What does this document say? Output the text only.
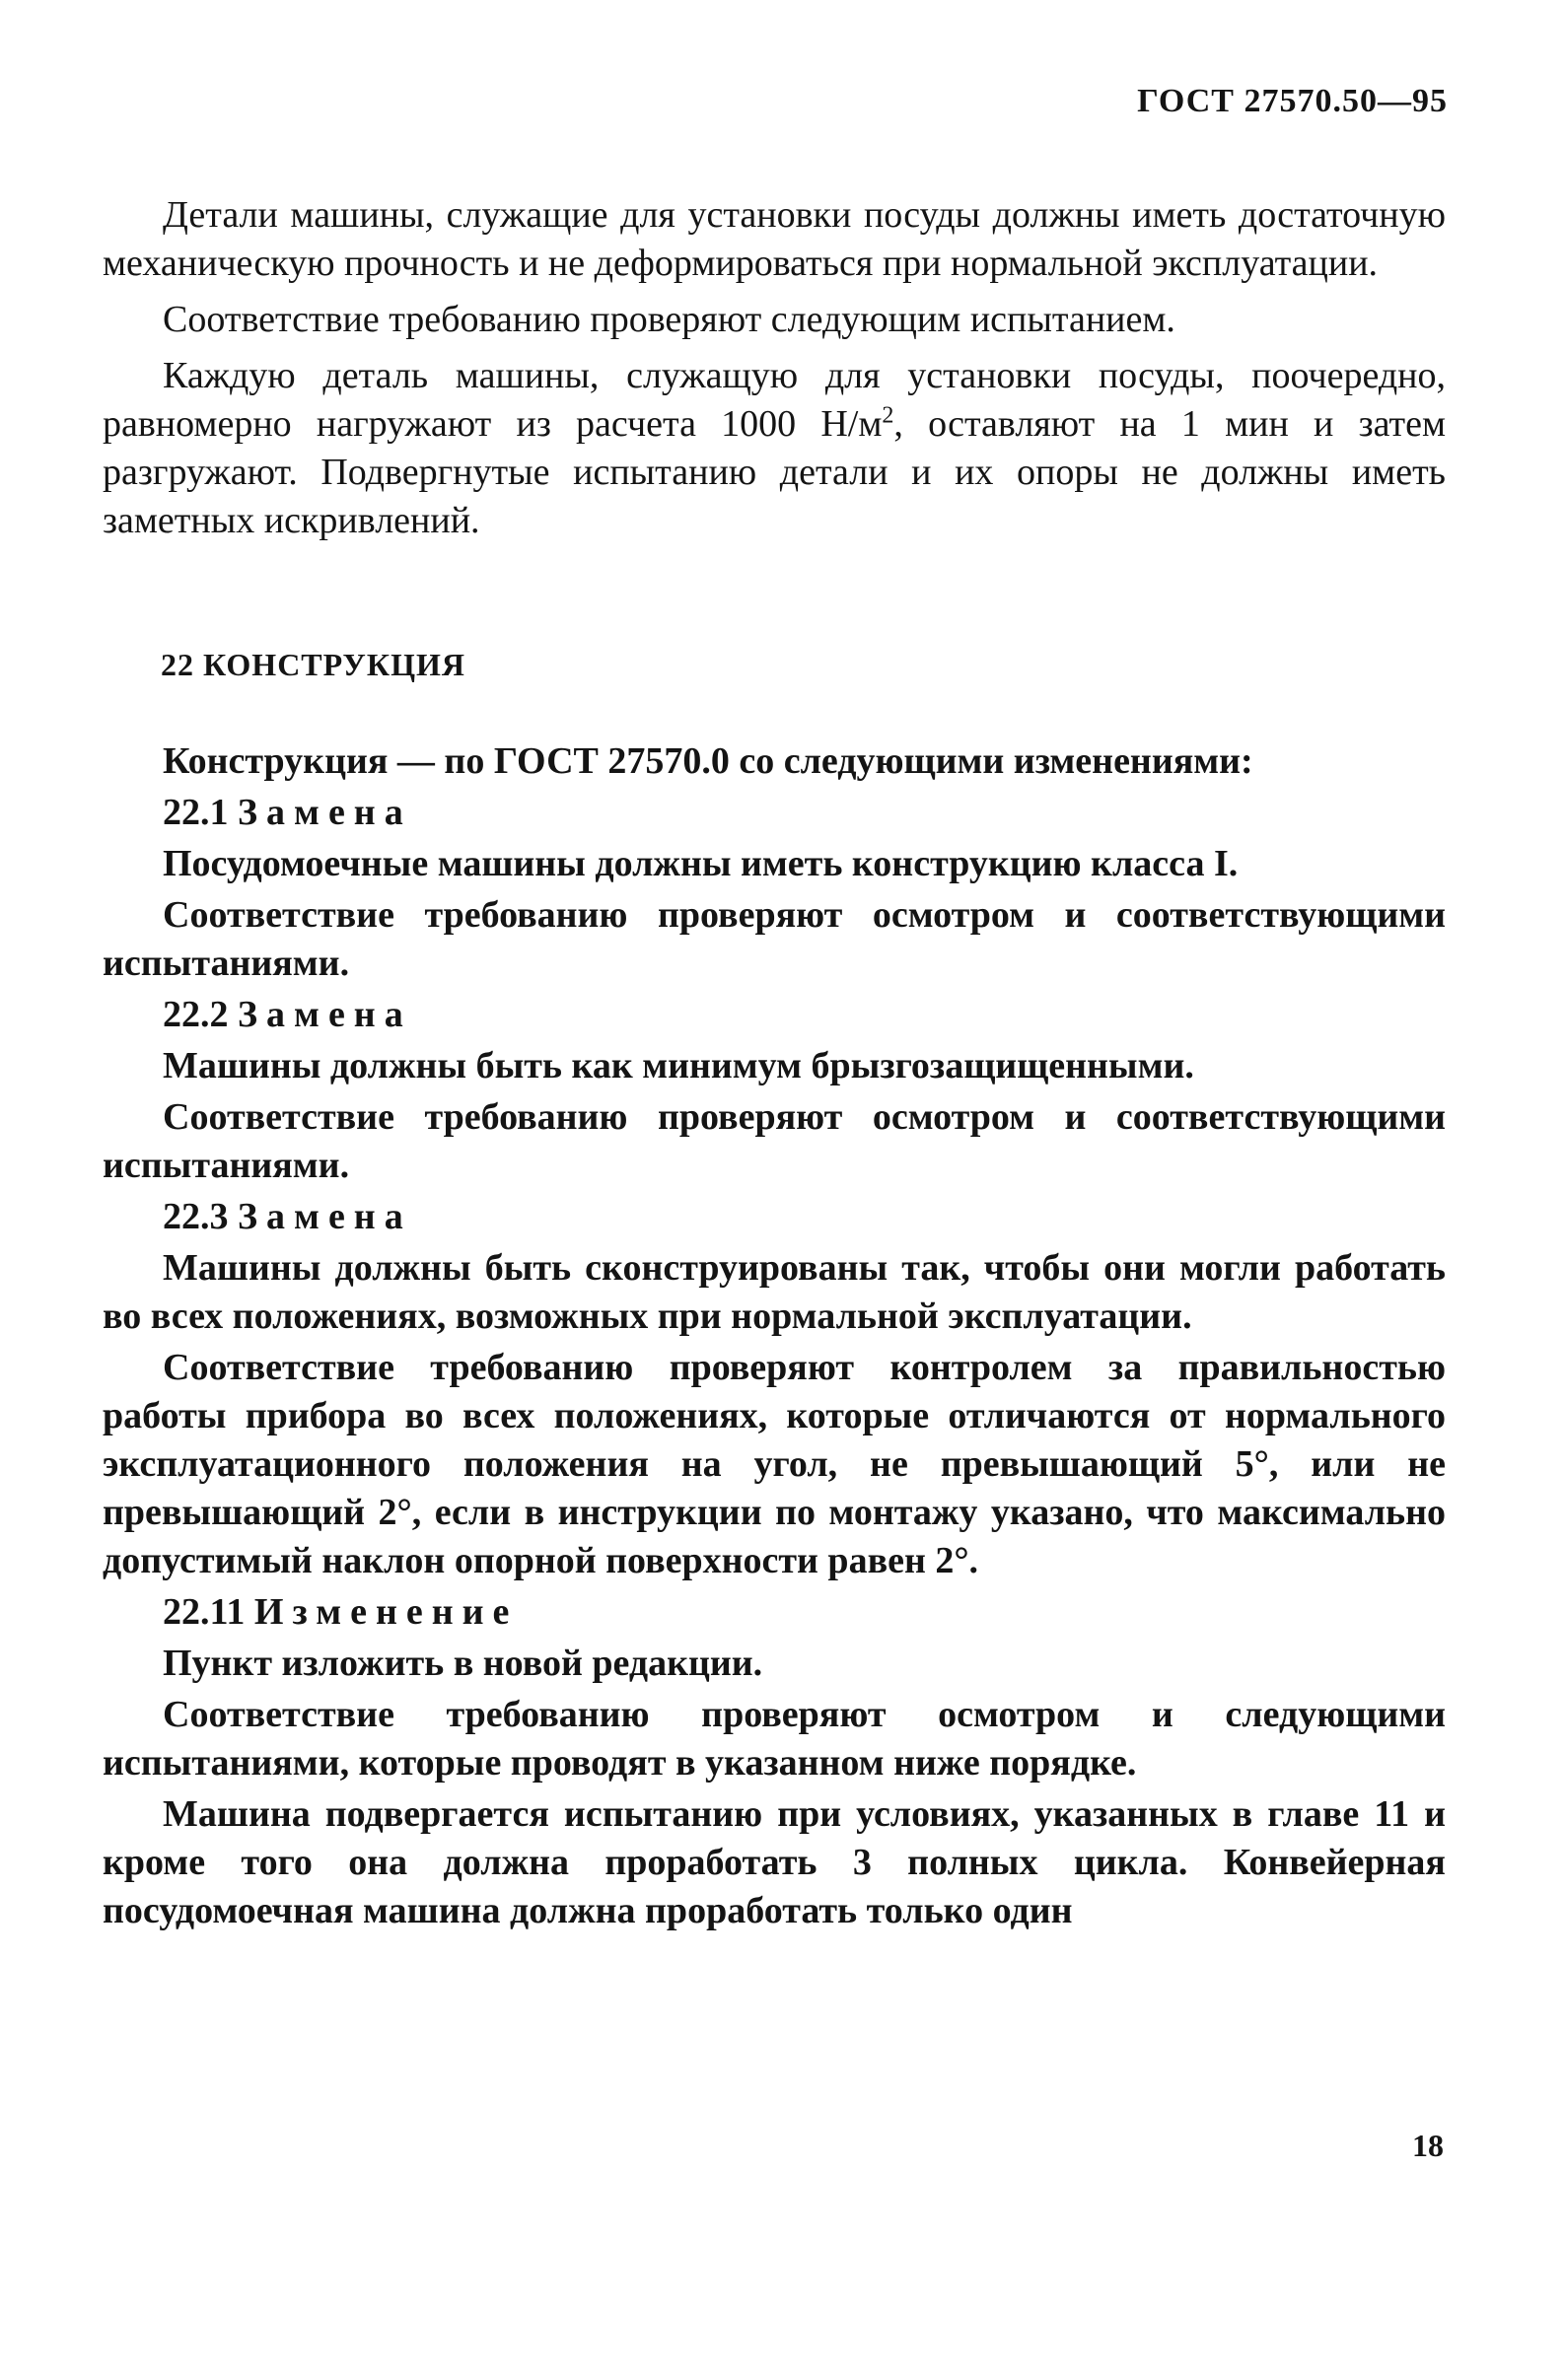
ГОСТ 27570.50—95

Детали машины, служащие для установки посуды должны иметь достаточную механическую прочность и не деформироваться при нормальной эксплуатации.

Соответствие требованию проверяют следующим испытанием.

Каждую деталь машины, служащую для установки посуды, поочередно, равномерно нагружают из расчета 1000 $Н/м^2$, оставляют на 1 мин и затем разгружают. Подвергнутые испытанию детали и их опоры не должны иметь заметных искривлений.

22 КОНСТРУКЦИЯ

Конструкция — по ГОСТ 27570.0 со следующими изменениями:

22.1 Замена

Посудомоечные машины должны иметь конструкцию класса I.

Соответствие требованию проверяют осмотром и соответствующими испытаниями.

22.2 Замена

Машины должны быть как минимум брызгозащищенными.

Соответствие требованию проверяют осмотром и соответствующими испытаниями.

22.3 Замена

Машины должны быть сконструированы так, чтобы они могли работать во всех положениях, возможных при нормальной эксплуатации.

Соответствие требованию проверяют контролем за правильностью работы прибора во всех положениях, которые отличаются от нормального эксплуатационного положения на угол, не превышающий 5°, или не превышающий 2°, если в инструкции по монтажу указано, что максимально допустимый наклон опорной поверхности равен 2°.

22.11 Изменение

Пункт изложить в новой редакции.

Соответствие требованию проверяют осмотром и следующими испытаниями, которые проводят в указанном ниже порядке.

Машина подвергается испытанию при условиях, указанных в главе 11 и кроме того она должна проработать 3 полных цикла. Конвейерная посудомоечная машина должна проработать только один

18
